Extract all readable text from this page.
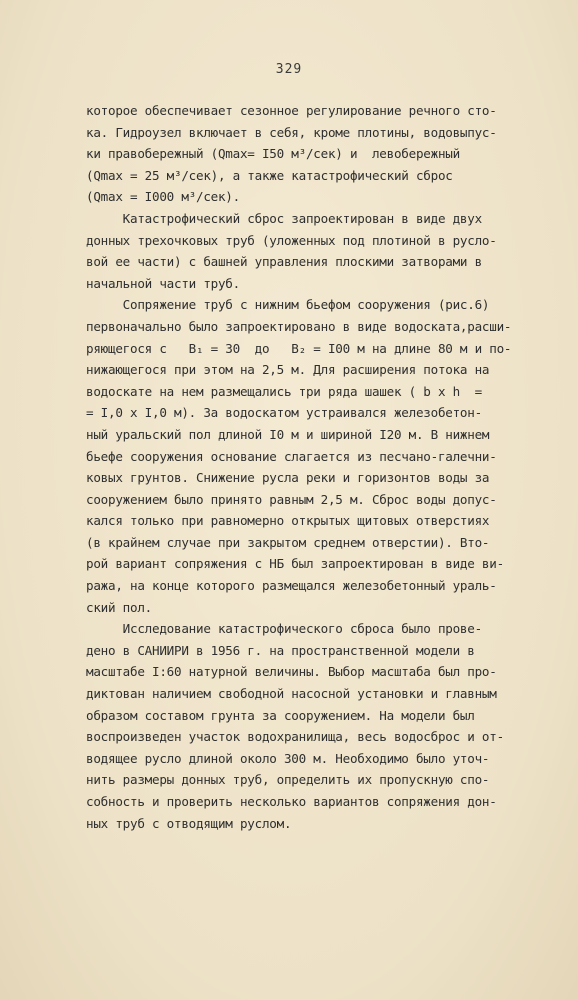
329
которое обеспечивает сезонное регулирование речного сто-
ка. Гидроузел включает в себя, кроме плотины, водовыпус-
ки правобережный (Qmax= I50 м³/сек) и  левобережный
(Qmax = 25 м³/сек), а также катастрофический сброс
(Qmax = I000 м³/сек).
Катастрофический сброс запроектирован в виде двух
донных трехочковых труб (уложенных под плотиной в русло-
вой ее части) с башней управления плоскими затворами в
начальной части труб.
Сопряжение труб с нижним бьефом сооружения (рис.6)
первоначально было запроектировано в виде водоската,расши-
ряющегося с   B₁ = 30  до   B₂ = I00 м на длине 80 м и по-
нижающегося при этом на 2,5 м. Для расширения потока на
водоскате на нем размещались три ряда шашек ( b x h  =
= I,0 x I,0 м). За водоскатом устраивался железобетон-
ный уральский пол длиной I0 м и шириной I20 м. В нижнем
бьефе сооружения основание слагается из песчано-галечни-
ковых грунтов. Снижение русла реки и горизонтов воды за
сооружением было принято равным 2,5 м. Сброс воды допус-
кался только при равномерно открытых щитовых отверстиях
(в крайнем случае при закрытом среднем отверстии). Вто-
рой вариант сопряжения с НБ был запроектирован в виде ви-
ража, на конце которого размещался железобетонный ураль-
ский пол.
Исследование катастрофического сброса было прове-
дено в САНИИРИ в 1956 г. на пространственной модели в
масштабе I:60 натурной величины. Выбор масштаба был про-
диктован наличием свободной насосной установки и главным
образом составом грунта за сооружением. На модели был
воспроизведен участок водохранилища, весь водосброс и от-
водящее русло длиной около 300 м. Необходимо было уточ-
нить размеры донных труб, определить их пропускную спо-
собность и проверить несколько вариантов сопряжения дон-
ных труб с отводящим руслом.
